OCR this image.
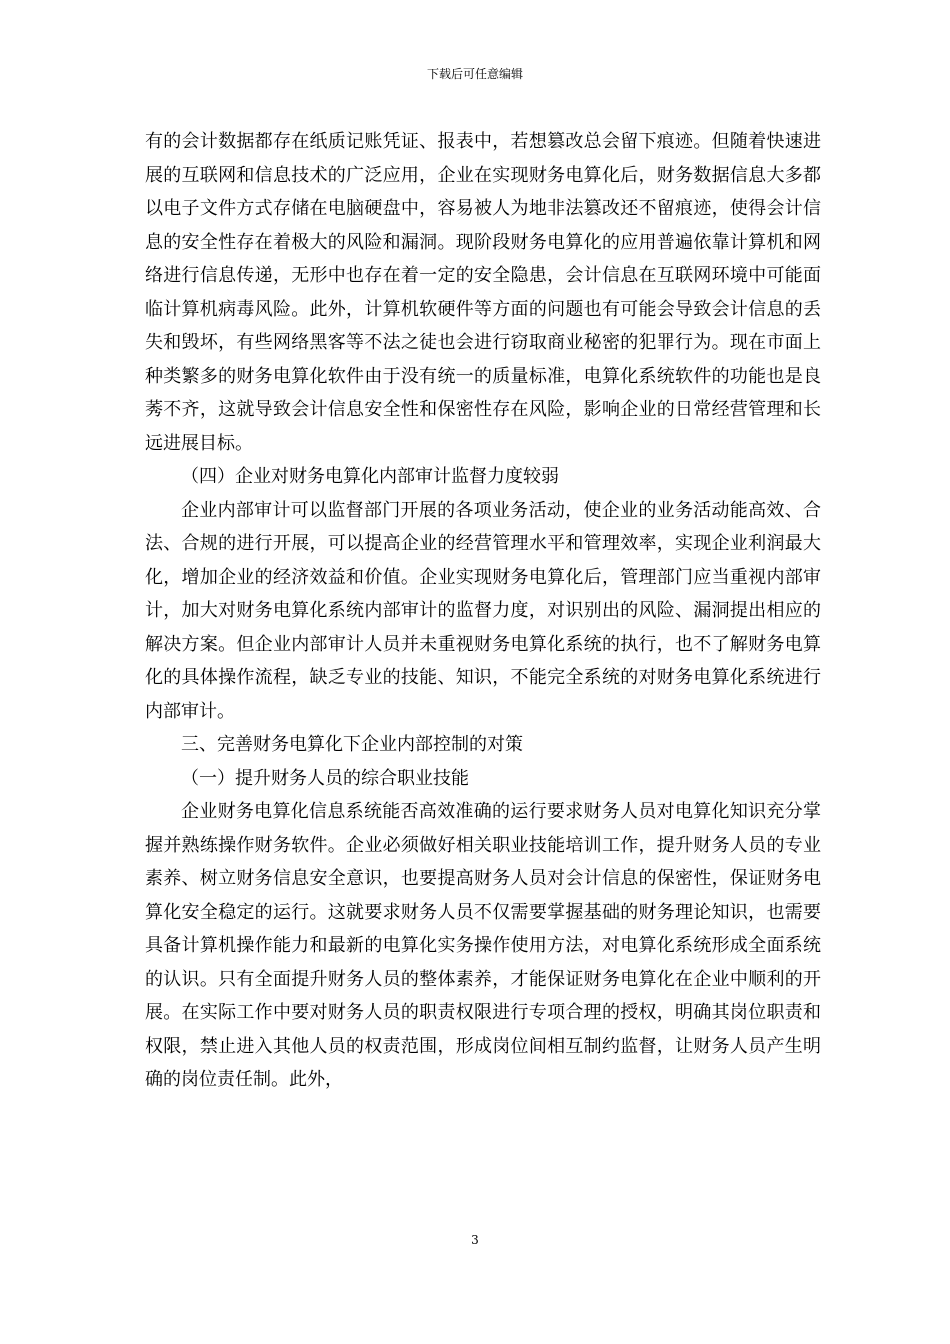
下载后可任意编辑

有的会计数据都存在纸质记账凭证、报表中，若想篡改总会留下痕迹。但随着快速进展的互联网和信息技术的广泛应用，企业在实现财务电算化后，财务数据信息大多都以电子文件方式存储在电脑硬盘中，容易被人为地非法篡改还不留痕迹，使得会计信息的安全性存在着极大的风险和漏洞。现阶段财务电算化的应用普遍依靠计算机和网络进行信息传递，无形中也存在着一定的安全隐患，会计信息在互联网环境中可能面临计算机病毒风险。此外，计算机软硬件等方面的问题也有可能会导致会计信息的丢失和毁坏，有些网络黑客等不法之徒也会进行窃取商业秘密的犯罪行为。现在市面上种类繁多的财务电算化软件由于没有统一的质量标准，电算化系统软件的功能也是良莠不齐，这就导致会计信息安全性和保密性存在风险，影响企业的日常经营管理和长远进展目标。

（四）企业对财务电算化内部审计监督力度较弱

企业内部审计可以监督部门开展的各项业务活动，使企业的业务活动能高效、合法、合规的进行开展，可以提高企业的经营管理水平和管理效率，实现企业利润最大化，增加企业的经济效益和价值。企业实现财务电算化后，管理部门应当重视内部审计，加大对财务电算化系统内部审计的监督力度，对识别出的风险、漏洞提出相应的解决方案。但企业内部审计人员并未重视财务电算化系统的执行，也不了解财务电算化的具体操作流程，缺乏专业的技能、知识，不能完全系统的对财务电算化系统进行内部审计。

三、完善财务电算化下企业内部控制的对策

（一）提升财务人员的综合职业技能

企业财务电算化信息系统能否高效准确的运行要求财务人员对电算化知识充分掌握并熟练操作财务软件。企业必须做好相关职业技能培训工作，提升财务人员的专业素养、树立财务信息安全意识，也要提高财务人员对会计信息的保密性，保证财务电算化安全稳定的运行。这就要求财务人员不仅需要掌握基础的财务理论知识，也需要具备计算机操作能力和最新的电算化实务操作使用方法，对电算化系统形成全面系统的认识。只有全面提升财务人员的整体素养，才能保证财务电算化在企业中顺利的开展。在实际工作中要对财务人员的职责权限进行专项合理的授权，明确其岗位职责和权限，禁止进入其他人员的权责范围，形成岗位间相互制约监督，让财务人员产生明确的岗位责任制。此外，

3
